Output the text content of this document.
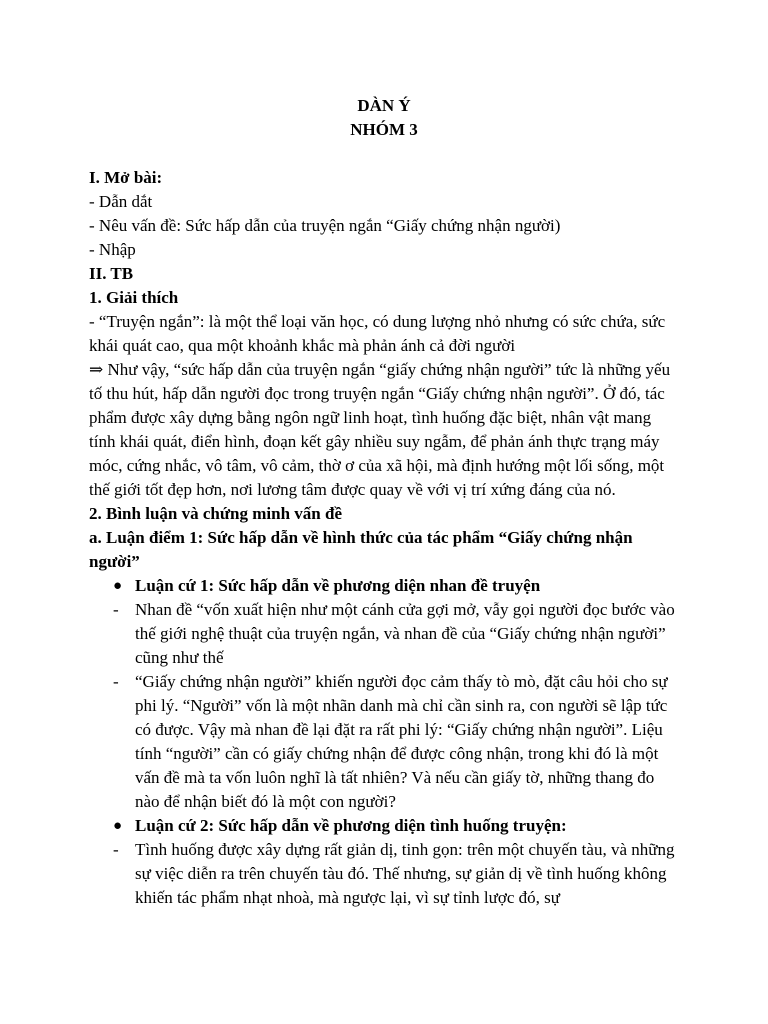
DÀN Ý
NHÓM 3

I. Mở bài:

- Dẫn dắt

- Nêu vấn đề: Sức hấp dẫn của truyện ngắn “Giấy chứng nhận người)

- Nhập

II. TB

1. Giải thích

- “Truyện ngắn”: là một thể loại văn học, có dung lượng nhỏ nhưng có sức chứa, sức khái quát cao, qua một khoảnh khắc mà phản ánh cả đời người

⇒ Như vậy, “sức hấp dẫn của truyện ngắn “giấy chứng nhận người” tức là những yếu tố thu hút, hấp dẫn người đọc trong truyện ngắn “Giấy chứng nhận người”. Ở đó, tác phẩm được xây dựng bằng ngôn ngữ linh hoạt, tình huống đặc biệt, nhân vật mang tính khái quát, điển hình, đoạn kết gây nhiều suy ngẫm, để phản ánh thực trạng máy móc, cứng nhắc, vô tâm, vô cảm, thờ ơ của xã hội, mà định hướng một lối sống, một thế giới tốt đẹp hơn, nơi lương tâm được quay về với vị trí xứng đáng của nó.

2. Bình luận và chứng minh vấn đề

a. Luận điểm 1: Sức hấp dẫn về hình thức của tác phẩm “Giấy chứng nhận người”

● Luận cứ 1: Sức hấp dẫn về phương diện nhan đề truyện
- Nhan đề “vốn xuất hiện như một cánh cửa gợi mở, vẫy gọi người đọc bước vào thế giới nghệ thuật của truyện ngắn, và nhan đề của “Giấy chứng nhận người” cũng như thế
- “Giấy chứng nhận người” khiến người đọc cảm thấy tò mò, đặt câu hỏi cho sự phi lý. “Người” vốn là một nhãn danh mà chỉ cần sinh ra, con người sẽ lập tức có được. Vậy mà nhan đề lại đặt ra rất phi lý: “Giấy chứng nhận người”. Liệu tính “người” cần có giấy chứng nhận để được công nhận, trong khi đó là một vấn đề mà ta vốn luôn nghĩ là tất nhiên? Và nếu cần giấy tờ, những thang đo nào để nhận biết đó là một con người?
● Luận cứ 2: Sức hấp dẫn về phương diện tình huống truyện:
- Tình huống được xây dựng rất giản dị, tinh gọn: trên một chuyến tàu, và những sự việc diễn ra trên chuyến tàu đó. Thế nhưng, sự giản dị về tình huống không khiến tác phẩm nhạt nhoà, mà ngược lại, vì sự tỉnh lược đó, sự
